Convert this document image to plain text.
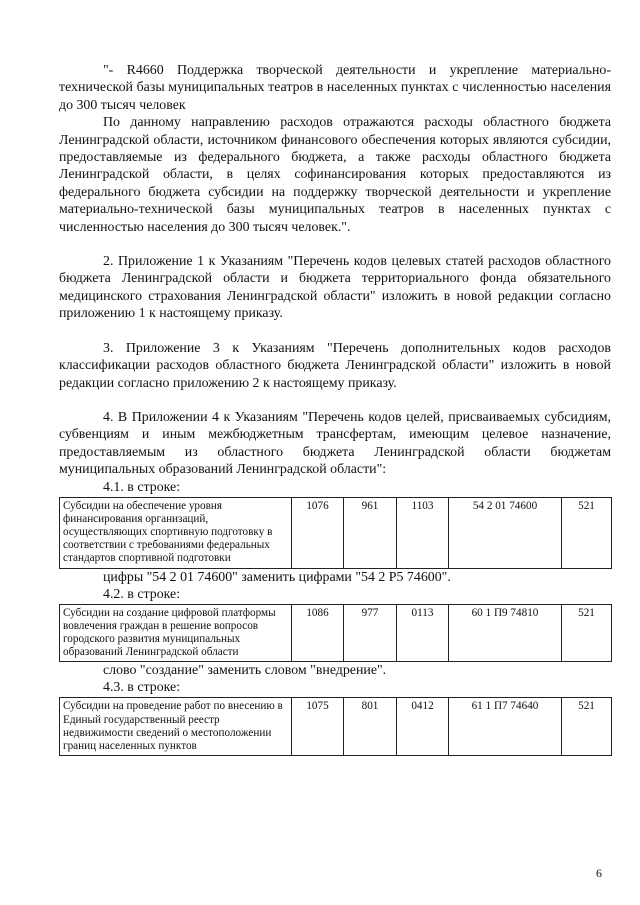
"- R4660 Поддержка творческой деятельности и укрепление материально-технической базы муниципальных театров в населенных пунктах с численностью населения до 300 тысяч человек

По данному направлению расходов отражаются расходы областного бюджета Ленинградской области, источником финансового обеспечения которых являются субсидии, предоставляемые из федерального бюджета, а также расходы областного бюджета Ленинградской области, в целях софинансирования которых предоставляются из федерального бюджета субсидии на поддержку творческой деятельности и укрепление материально-технической базы муниципальных театров в населенных пунктах с численностью населения до 300 тысяч человек.".

2. Приложение 1 к Указаниям "Перечень кодов целевых статей расходов областного бюджета Ленинградской области и бюджета территориального фонда обязательного медицинского страхования Ленинградской области" изложить в новой редакции согласно приложению 1 к настоящему приказу.

3. Приложение 3 к Указаниям "Перечень дополнительных кодов расходов классификации расходов областного бюджета Ленинградской области" изложить в новой редакции согласно приложению 2 к настоящему приказу.

4. В Приложении 4 к Указаниям "Перечень кодов целей, присваиваемых субсидиям, субвенциям и иным межбюджетным трансфертам, имеющим целевое назначение, предоставляемым из областного бюджета Ленинградской области бюджетам муниципальных образований Ленинградской области":

4.1. в строке:
Субсидии на обеспечение уровня финансирования организаций, осуществляющих спортивную подготовку в соответствии с требованиями федеральных стандартов спортивной подготовки	1076	961	1103	54 2 01 74600	521
цифры "54 2 01 74600" заменить цифрами "54 2 Р5 74600".
4.2. в строке:
Субсидии на создание цифровой платформы вовлечения граждан в решение вопросов городского развития муниципальных образований Ленинградской области	1086	977	0113	60 1 П9 74810	521
слово "создание" заменить словом "внедрение".
4.3. в строке:
Субсидии на проведение работ по внесению в Единый государственный реестр недвижимости сведений о местоположении границ населенных пунктов	1075	801	0412	61 1 П7 74640	521
6
